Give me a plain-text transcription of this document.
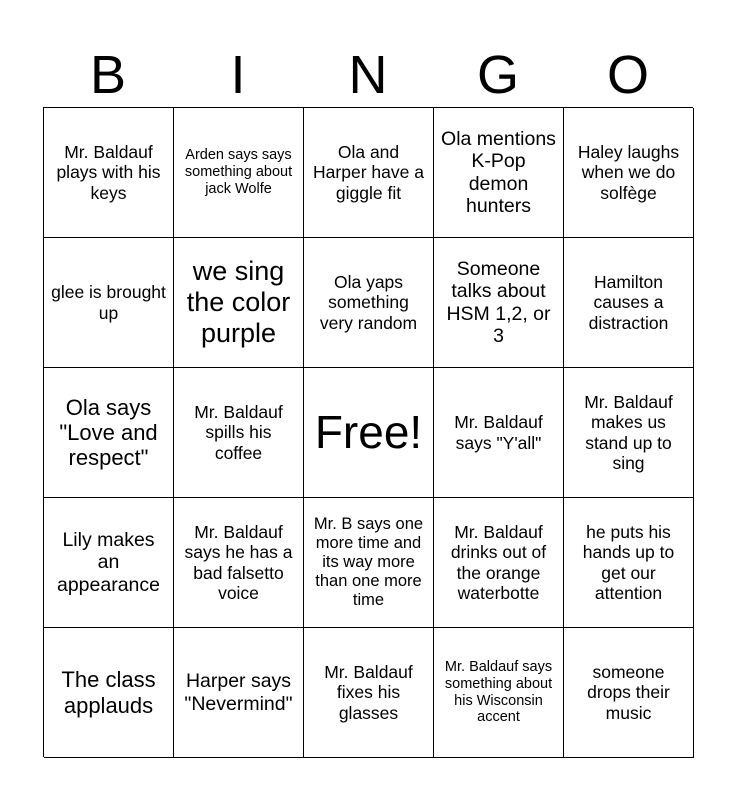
B	I	N	G	O
Mr. Baldauf plays with his keys
Arden says says something about jack Wolfe
Ola and Harper have a giggle fit
Ola mentions K-Pop demon hunters
Haley laughs when we do solfège
glee is brought up
we sing the color purple
Ola yaps something very random
Someone talks about HSM 1,2, or 3
Hamilton causes a distraction
Ola says "Love and respect"
Mr. Baldauf spills his coffee	Free!	Mr. Baldauf says "Y'all"
Mr. Baldauf makes us stand up to sing
Lily makes an appearance
Mr. Baldauf says he has a bad falsetto voice
Mr. B says one more time and its way more than one more time
Mr. Baldauf drinks out of the orange waterbotte
he puts his hands up to get our attention
The class applauds
Harper says "Nevermind"
Mr. Baldauf fixes his glasses
Mr. Baldauf says something about his Wisconsin accent
someone drops their music
